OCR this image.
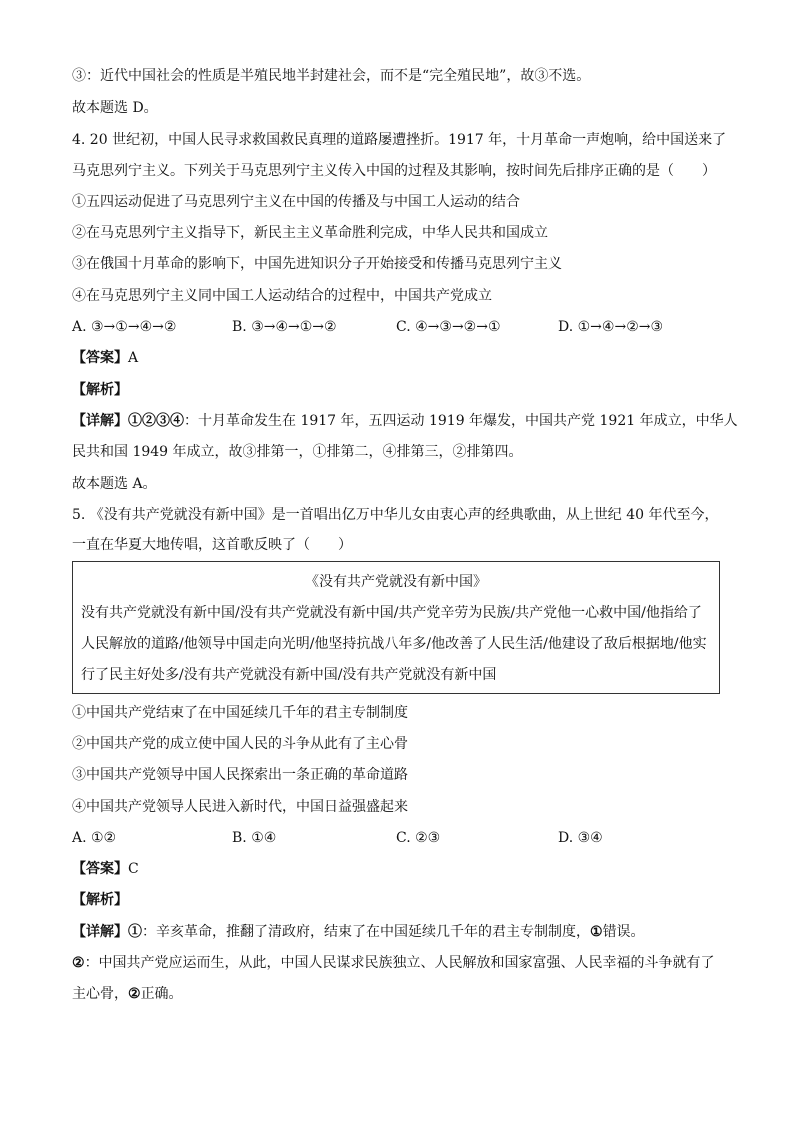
③：近代中国社会的性质是半殖民地半封建社会，而不是“完全殖民地”，故③不选。
故本题选 D。
4. 20 世纪初，中国人民寻求救国救民真理的道路屡遭挫折。1917 年，十月革命一声炮响，给中国送来了
马克思列宁主义。下列关于马克思列宁主义传入中国的过程及其影响，按时间先后排序正确的是（　　）
①五四运动促进了马克思列宁主义在中国的传播及与中国工人运动的结合
②在马克思列宁主义指导下，新民主主义革命胜利完成，中华人民共和国成立
③在俄国十月革命的影响下，中国先进知识分子开始接受和传播马克思列宁主义
④在马克思列宁主义同中国工人运动结合的过程中，中国共产党成立
A. ③→①→④→②	B. ③→④→①→②	C. ④→③→②→①	D. ①→④→②→③
【答案】A
【解析】
【详解】①②③④：十月革命发生在 1917 年，五四运动 1919 年爆发，中国共产党 1921 年成立，中华人
民共和国 1949 年成立，故③排第一，①排第二，④排第三，②排第四。
故本题选 A。
5. 《没有共产党就没有新中国》是一首唱出亿万中华儿女由衷心声的经典歌曲，从上世纪 40 年代至今，
一直在华夏大地传唱，这首歌反映了（　　）
《没有共产党就没有新中国》
没有共产党就没有新中国/没有共产党就没有新中国/共产党辛劳为民族/共产党他一心救中国/他指给了
人民解放的道路/他领导中国走向光明/他坚持抗战八年多/他改善了人民生活/他建设了敌后根据地/他实
行了民主好处多/没有共产党就没有新中国/没有共产党就没有新中国
①中国共产党结束了在中国延续几千年的君主专制制度
②中国共产党的成立使中国人民的斗争从此有了主心骨
③中国共产党领导中国人民探索出一条正确的革命道路
④中国共产党领导人民进入新时代，中国日益强盛起来
A. ①②	B. ①④	C. ②③	D. ③④
【答案】C
【解析】
【详解】①：辛亥革命，推翻了清政府，结束了在中国延续几千年的君主专制制度，①错误。
②：中国共产党应运而生，从此，中国人民谋求民族独立、人民解放和国家富强、人民幸福的斗争就有了
主心骨，②正确。
